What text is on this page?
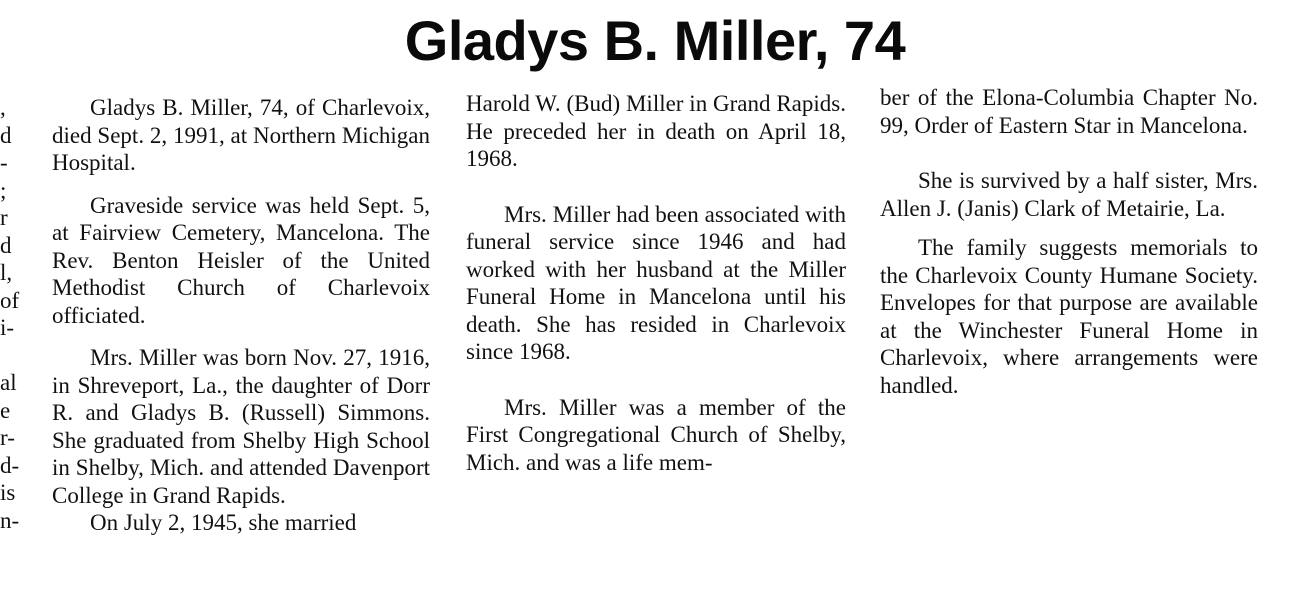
Gladys B. Miller, 74
,
d
-
;
r
d
l,
of
i-
al
e
r-
d-
is
n-

Gladys B. Miller, 74, of Charlevoix, died Sept. 2, 1991, at Northern Michigan Hospital.

Graveside service was held Sept. 5, at Fairview Cemetery, Mancelona. The Rev. Benton Heisler of the United Methodist Church of Charlevoix officiated.

Mrs. Miller was born Nov. 27, 1916, in Shreveport, La., the daughter of Dorr R. and Gladys B. (Russell) Simmons. She graduated from Shelby High School in Shelby, Mich. and attended Davenport College in Grand Rapids.

On July 2, 1945, she married

Harold W. (Bud) Miller in Grand Rapids. He preceded her in death on April 18, 1968.

Mrs. Miller had been associated with funeral service since 1946 and had worked with her husband at the Miller Funeral Home in Mancelona until his death. She has resided in Charlevoix since 1968.

Mrs. Miller was a member of the First Congregational Church of Shelby, Mich. and was a life mem-

ber of the Elona-Columbia Chapter No. 99, Order of Eastern Star in Mancelona.

She is survived by a half sister, Mrs. Allen J. (Janis) Clark of Metairie, La.

The family suggests memorials to the Charlevoix County Humane Society. Envelopes for that purpose are available at the Winchester Funeral Home in Charlevoix, where arrangements were handled.
